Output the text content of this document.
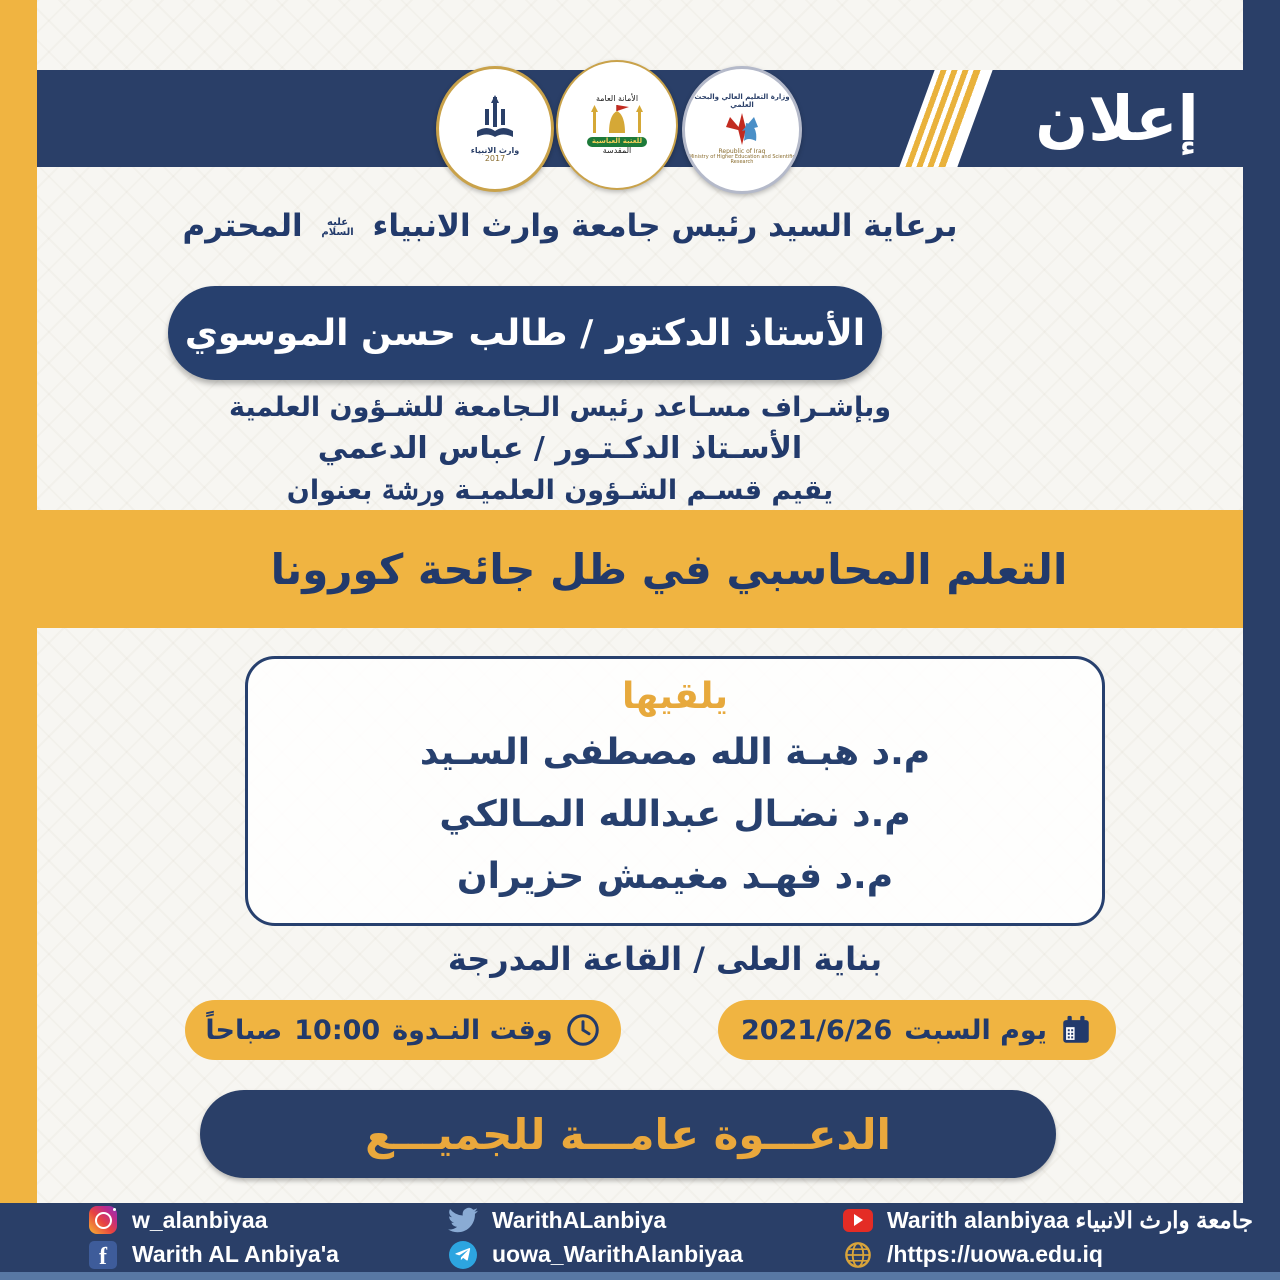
إعلان
وارث الانبياء
2017
الأمانة العامة
للعتبة العباسية
المقدسة
وزارة التعليم العالي والبحث العلمي
Republic of Iraq
Ministry of Higher Education and Scientific Research
برعاية السيد رئيس جامعة وارث الانبياء عليه
السلام المحترم
الأستاذ الدكتور / طالب حسن الموسوي
وبإشـراف مسـاعد رئيس الـجامعة للشـؤون العلمية
الأسـتاذ الدكـتـور / عباس الدعمي
يقيم قسـم الشـؤون العلميـة ورشة بعنوان
التعلم المحاسبي في ظل جائحة كورونا
يلقيها
م.د هبـة الله مصطفى السـيد
م.د نضـال عبدالله المـالكي
م.د فهـد مغيمش حزيران
بناية العلى / القاعة المدرجة
يوم السبت
2021/6/26
وقت النـدوة
10:00
صباحاً
الدعـــوة عامـــة للجميـــع
w_alanbiyaa
f	Warith AL Anbiya'a
WarithALanbiya
uowa_WarithAlanbiyaa
Warith alanbiyaa جامعة وارث الانبياء
/https://uowa.edu.iq
